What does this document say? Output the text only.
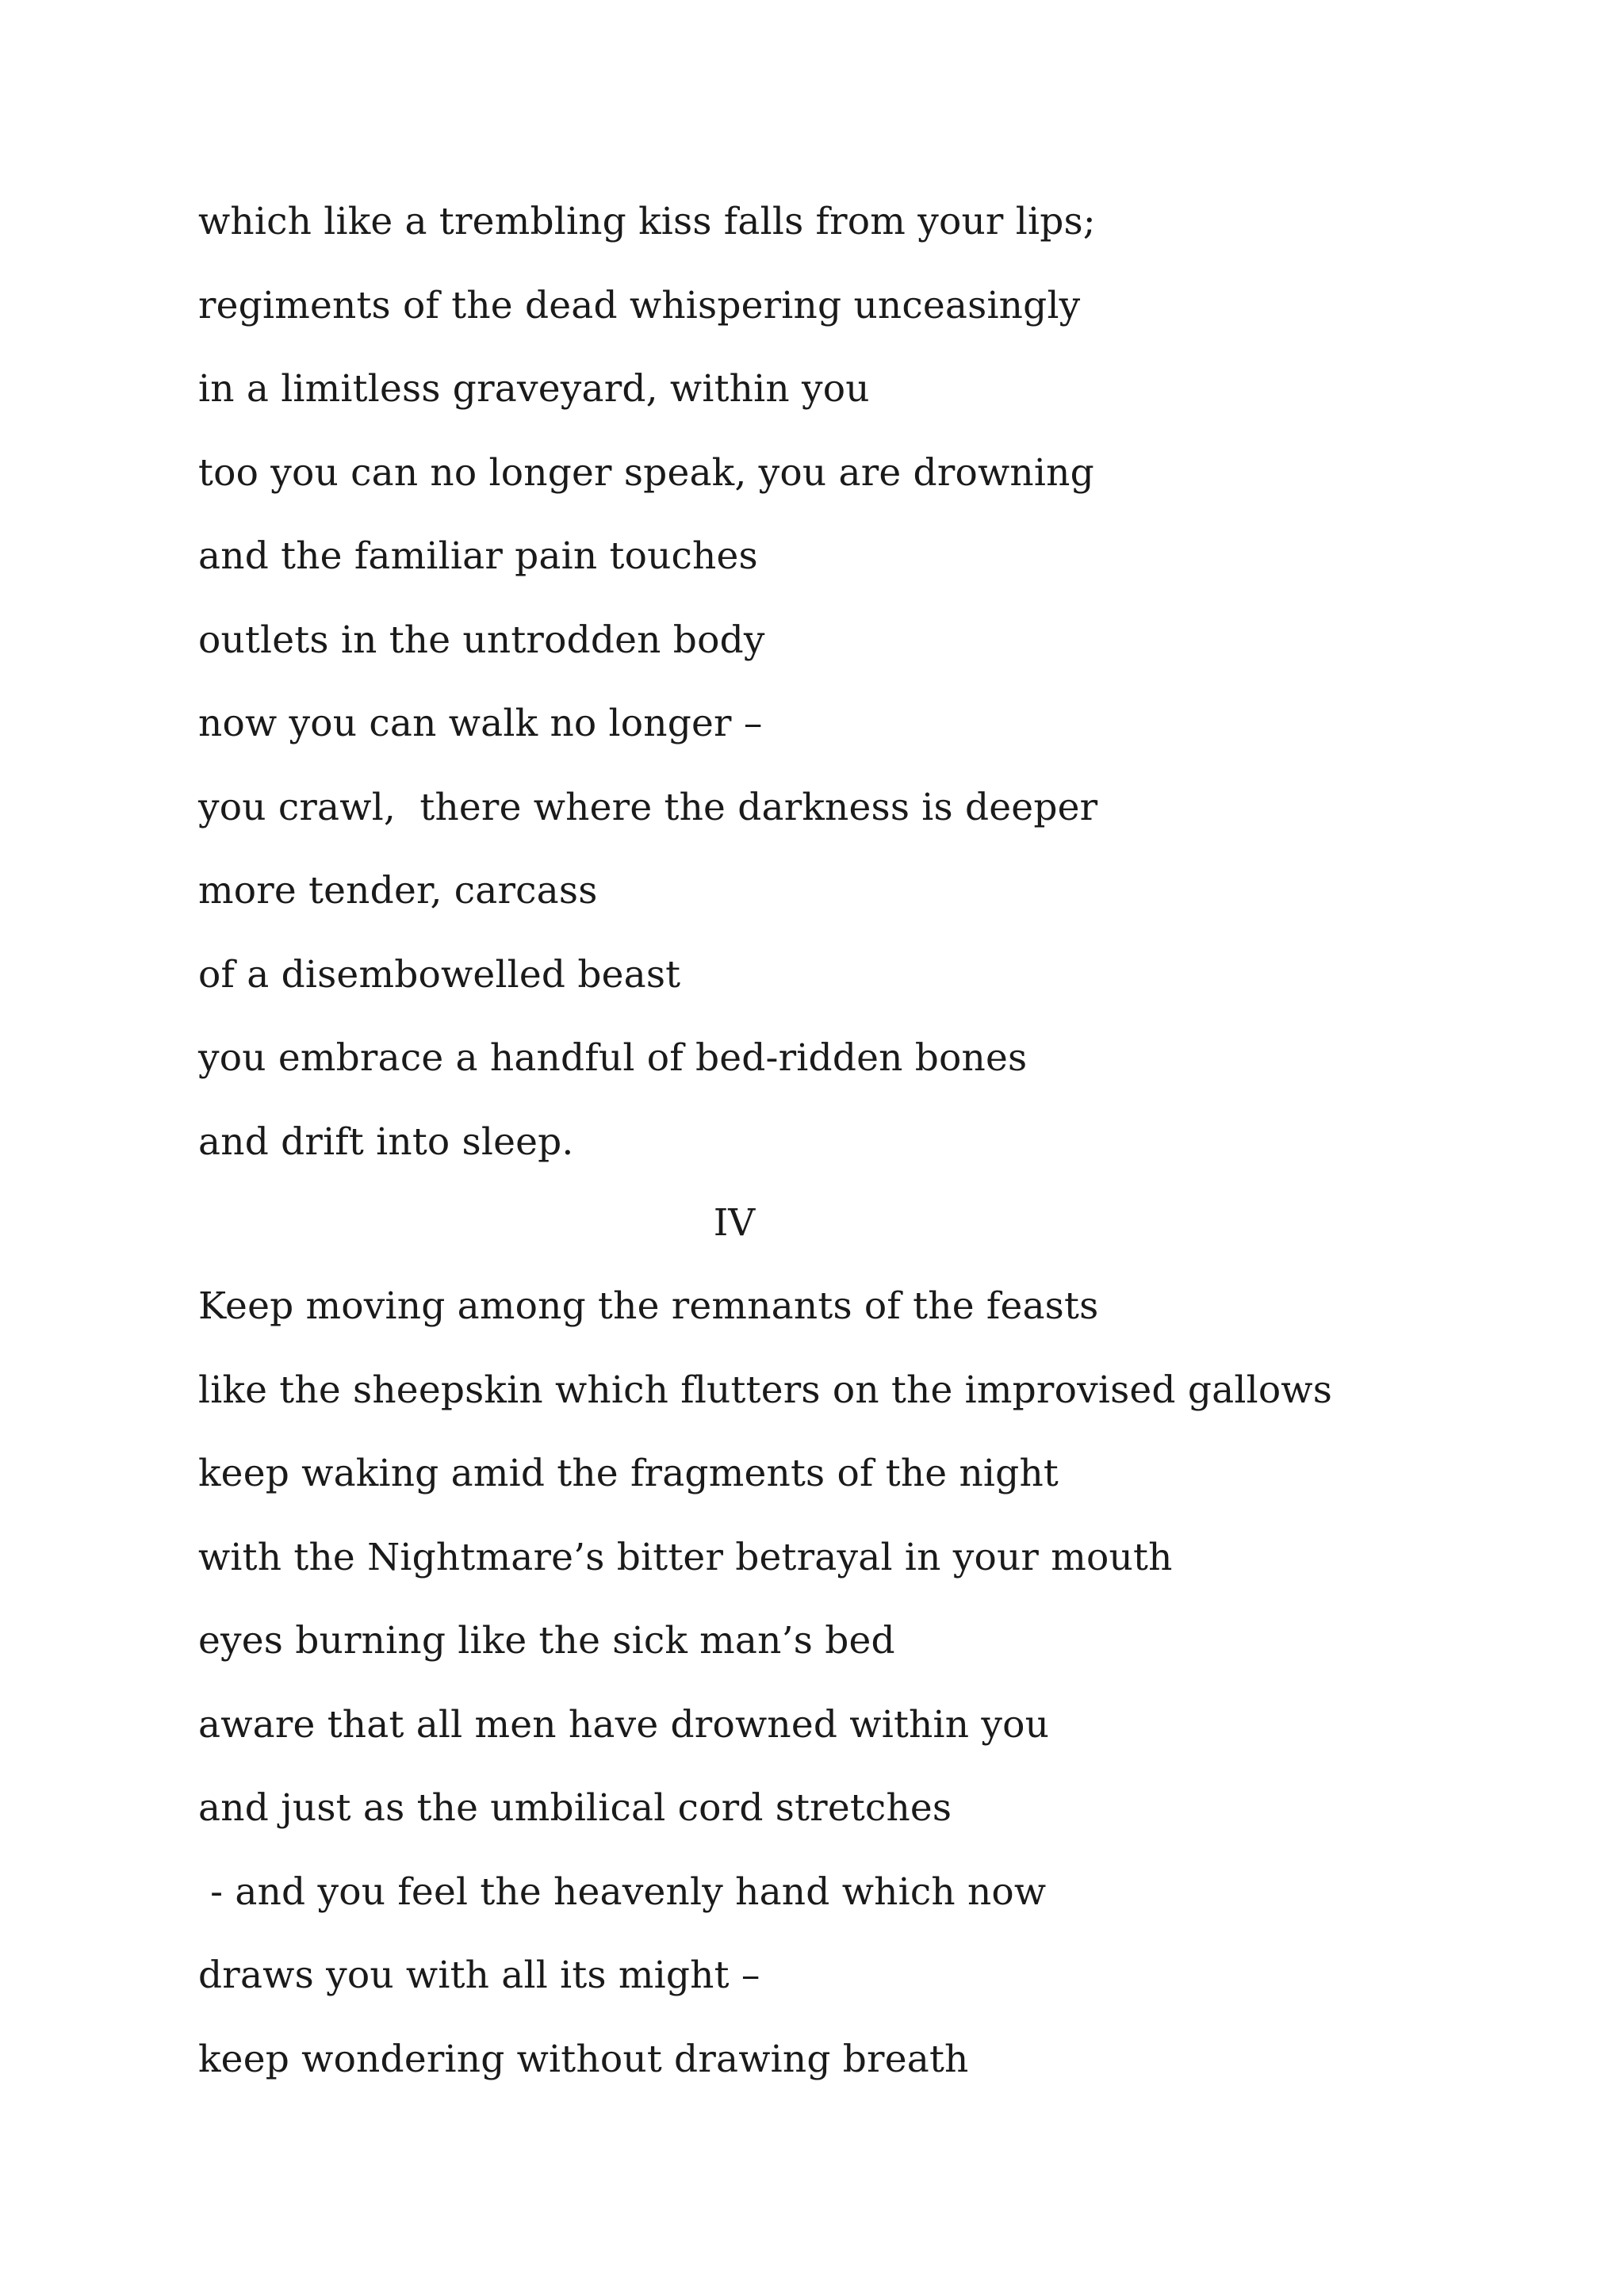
which like a trembling kiss falls from your lips;
regiments of the dead whispering unceasingly
in a limitless graveyard, within you
too you can no longer speak, you are drowning
and the familiar pain touches
outlets in the untrodden body
now you can walk no longer –
you crawl,  there where the darkness is deeper
more tender, carcass
of a disembowelled beast
you embrace a handful of bed-ridden bones
and drift into sleep.
IV
Keep moving among the remnants of the feasts
like the sheepskin which flutters on the improvised gallows
keep waking amid the fragments of the night
with the Nightmare’s bitter betrayal in your mouth
eyes burning like the sick man’s bed
aware that all men have drowned within you
and just as the umbilical cord stretches
- and you feel the heavenly hand which now
draws you with all its might –
keep wondering without drawing breath
